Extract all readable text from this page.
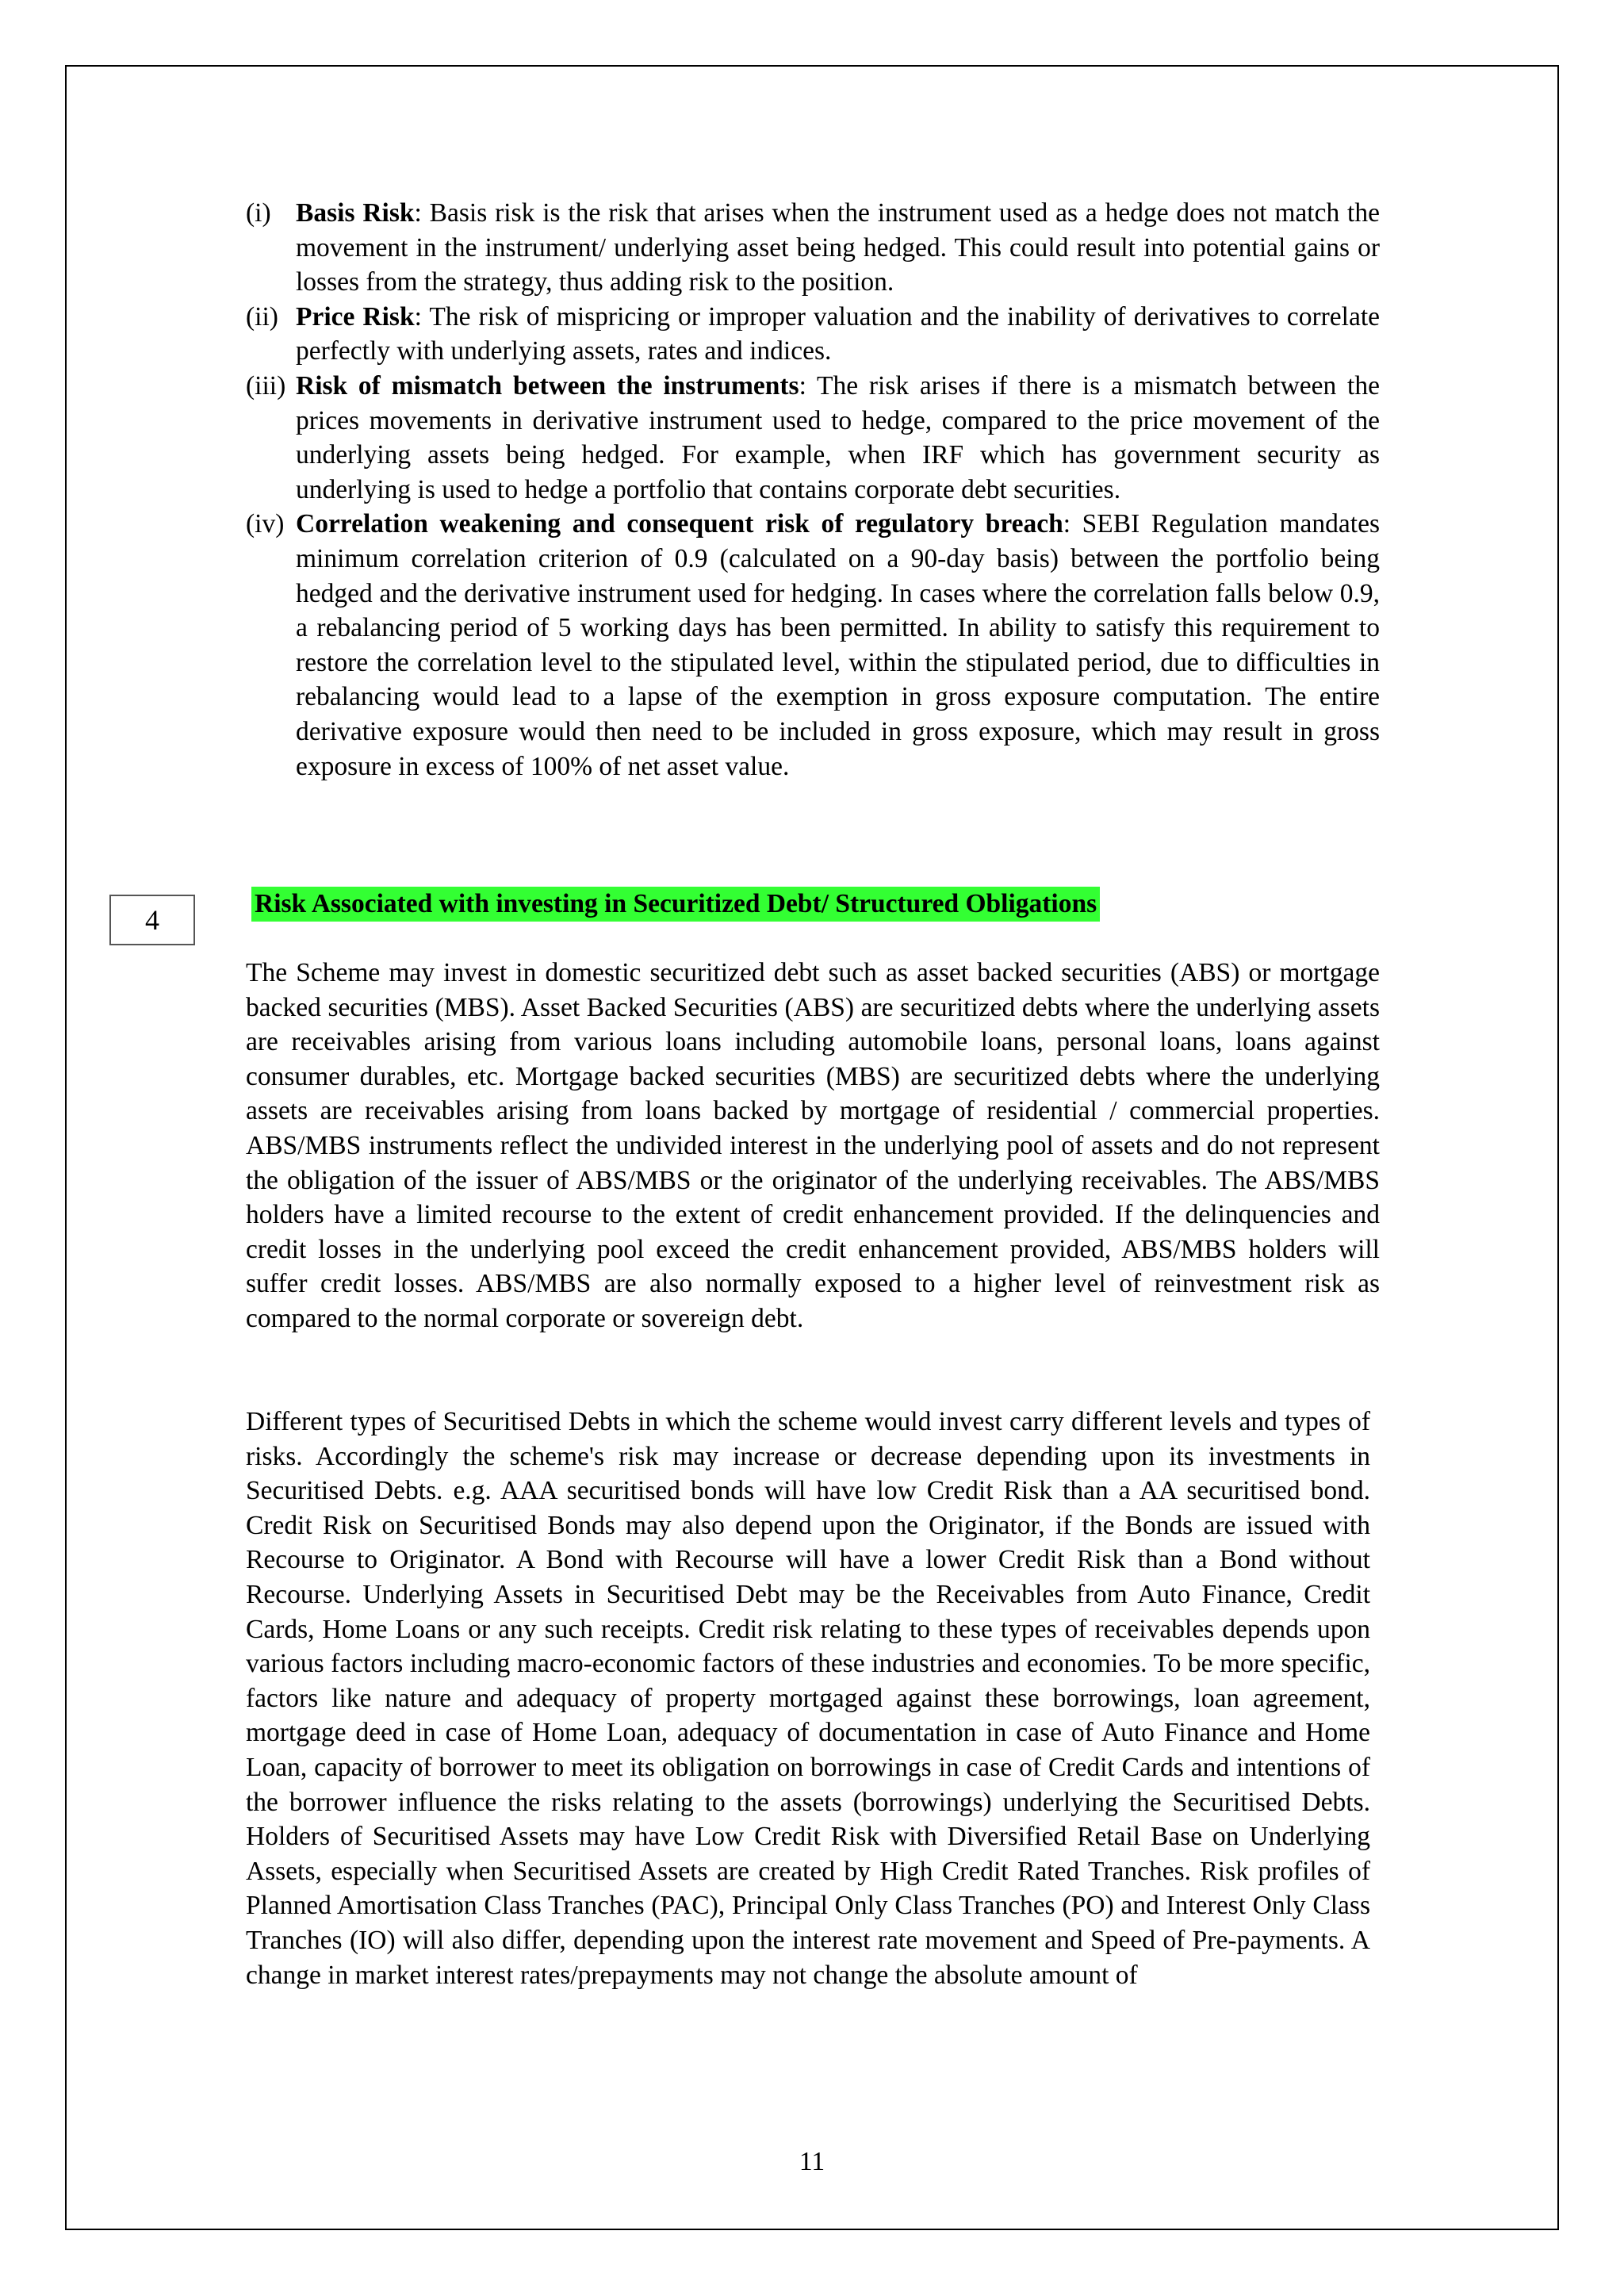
(i) Basis Risk: Basis risk is the risk that arises when the instrument used as a hedge does not match the movement in the instrument/ underlying asset being hedged. This could result into potential gains or losses from the strategy, thus adding risk to the position.
(ii) Price Risk: The risk of mispricing or improper valuation and the inability of derivatives to correlate perfectly with underlying assets, rates and indices.
(iii) Risk of mismatch between the instruments: The risk arises if there is a mismatch between the prices movements in derivative instrument used to hedge, compared to the price movement of the underlying assets being hedged. For example, when IRF which has government security as underlying is used to hedge a portfolio that contains corporate debt securities.
(iv) Correlation weakening and consequent risk of regulatory breach: SEBI Regulation mandates minimum correlation criterion of 0.9 (calculated on a 90-day basis) between the portfolio being hedged and the derivative instrument used for hedging. In cases where the correlation falls below 0.9, a rebalancing period of 5 working days has been permitted. In ability to satisfy this requirement to restore the correlation level to the stipulated level, within the stipulated period, due to difficulties in rebalancing would lead to a lapse of the exemption in gross exposure computation. The entire derivative exposure would then need to be included in gross exposure, which may result in gross exposure in excess of 100% of net asset value.
4
Risk Associated with investing in Securitized Debt/ Structured Obligations

The Scheme may invest in domestic securitized debt such as asset backed securities (ABS) or mortgage backed securities (MBS). Asset Backed Securities (ABS) are securitized debts where the underlying assets are receivables arising from various loans including automobile loans, personal loans, loans against consumer durables, etc. Mortgage backed securities (MBS) are securitized debts where the underlying assets are receivables arising from loans backed by mortgage of residential / commercial properties. ABS/MBS instruments reflect the undivided interest in the underlying pool of assets and do not represent the obligation of the issuer of ABS/MBS or the originator of the underlying receivables. The ABS/MBS holders have a limited recourse to the extent of credit enhancement provided. If the delinquencies and credit losses in the underlying pool exceed the credit enhancement provided, ABS/MBS holders will suffer credit losses. ABS/MBS are also normally exposed to a higher level of reinvestment risk as compared to the normal corporate or sovereign debt.

Different types of Securitised Debts in which the scheme would invest carry different levels and types of risks. Accordingly the scheme's risk may increase or decrease depending upon its investments in Securitised Debts. e.g. AAA securitised bonds will have low Credit Risk than a AA securitised bond. Credit Risk on Securitised Bonds may also depend upon the Originator, if the Bonds are issued with Recourse to Originator. A Bond with Recourse will have a lower Credit Risk than a Bond without Recourse. Underlying Assets in Securitised Debt may be the Receivables from Auto Finance, Credit Cards, Home Loans or any such receipts. Credit risk relating to these types of receivables depends upon various factors including macro-economic factors of these industries and economies. To be more specific, factors like nature and adequacy of property mortgaged against these borrowings, loan agreement, mortgage deed in case of Home Loan, adequacy of documentation in case of Auto Finance and Home Loan, capacity of borrower to meet its obligation on borrowings in case of Credit Cards and intentions of the borrower influence the risks relating to the assets (borrowings) underlying the Securitised Debts. Holders of Securitised Assets may have Low Credit Risk with Diversified Retail Base on Underlying Assets, especially when Securitised Assets are created by High Credit Rated Tranches. Risk profiles of Planned Amortisation Class Tranches (PAC), Principal Only Class Tranches (PO) and Interest Only Class Tranches (IO) will also differ, depending upon the interest rate movement and Speed of Pre-payments. A change in market interest rates/prepayments may not change the absolute amount of

11
